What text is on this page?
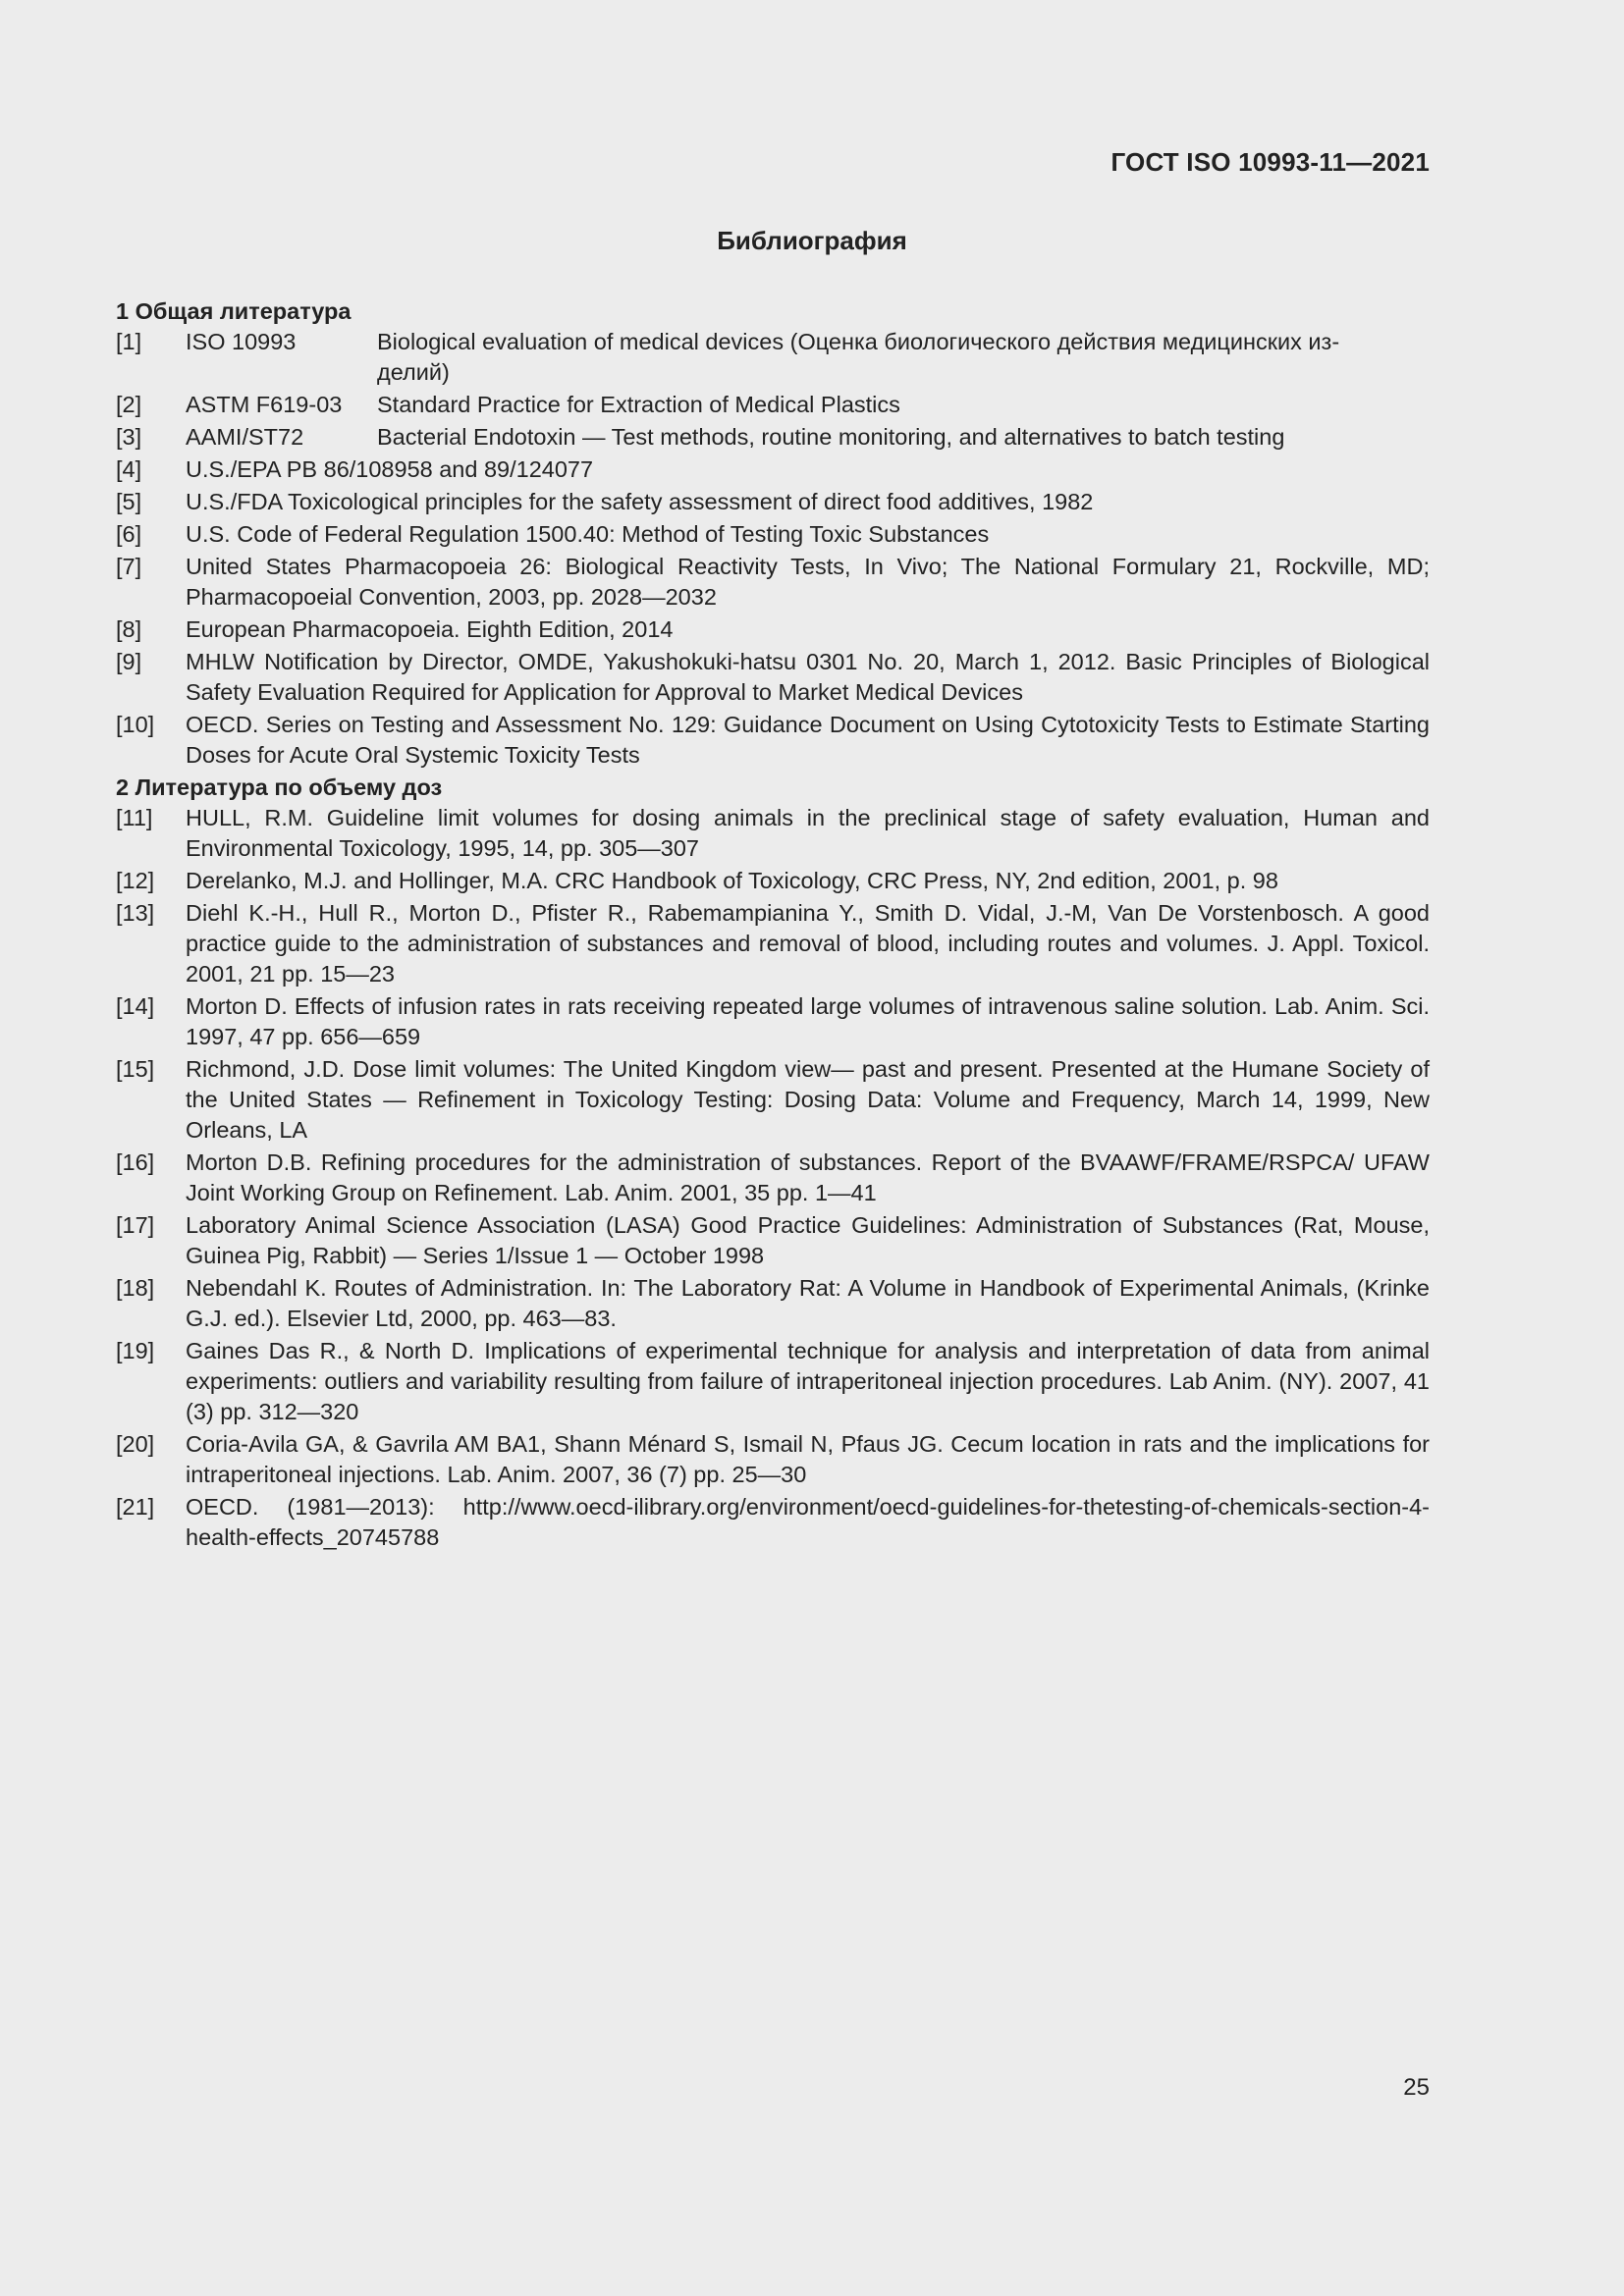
ГОСТ ISO 10993-11—2021
Библиография
1 Общая литература
[1] ISO 10993	Biological evaluation of medical devices (Оценка биологического действия медицинских из-
делий)
[2] ASTM F619-03 Standard Practice for Extraction of Medical Plastics
[3] AAMI/ST72	Bacterial Endotoxin — Test methods, routine monitoring, and alternatives to batch testing
[4] U.S./EPA PB 86/108958 and 89/124077
[5] U.S./FDA Toxicological principles for the safety assessment of direct food additives, 1982
[6] U.S. Code of Federal Regulation 1500.40: Method of Testing Toxic Substances
[7] United States Pharmacopoeia 26: Biological Reactivity Tests, In Vivo; The National Formulary 21, Rockville, MD; Pharmacopoeial Convention, 2003, pp. 2028—2032
[8] European Pharmacopoeia. Eighth Edition, 2014
[9] MHLW Notification by Director, OMDE, Yakushokuki-hatsu 0301 No. 20, March 1, 2012. Basic Principles of Biological Safety Evaluation Required for Application for Approval to Market Medical Devices
[10] OECD. Series on Testing and Assessment No. 129: Guidance Document on Using Cytotoxicity Tests to Estimate Starting Doses for Acute Oral Systemic Toxicity Tests
2 Литература по объему доз
[11] HULL, R.M. Guideline limit volumes for dosing animals in the preclinical stage of safety evaluation, Human and Environmental Toxicology, 1995, 14, pp. 305—307
[12] Derelanko, M.J. and Hollinger, M.A. CRC Handbook of Toxicology, CRC Press, NY, 2nd edition, 2001, p. 98
[13] Diehl K.-H., Hull R., Morton D., Pfister R., Rabemampianina Y., Smith D. Vidal, J.-M, Van De Vorstenbosch. A good practice guide to the administration of substances and removal of blood, including routes and volumes. J. Appl. Toxicol. 2001, 21 pp. 15—23
[14] Morton D. Effects of infusion rates in rats receiving repeated large volumes of intravenous saline solution. Lab. Anim. Sci. 1997, 47 pp. 656—659
[15] Richmond, J.D. Dose limit volumes: The United Kingdom view— past and present. Presented at the Humane Society of the United States — Refinement in Toxicology Testing: Dosing Data: Volume and Frequency, March 14, 1999, New Orleans, LA
[16] Morton D.B. Refining procedures for the administration of substances. Report of the BVAAWF/FRAME/RSPCA/ UFAW Joint Working Group on Refinement. Lab. Anim. 2001, 35 pp. 1—41
[17] Laboratory Animal Science Association (LASA) Good Practice Guidelines: Administration of Substances (Rat, Mouse, Guinea Pig, Rabbit) — Series 1/Issue 1 — October 1998
[18] Nebendahl K. Routes of Administration. In: The Laboratory Rat: A Volume in Handbook of Experimental Animals, (Krinke G.J. ed.). Elsevier Ltd, 2000, pp. 463—83.
[19] Gaines Das R., & North D. Implications of experimental technique for analysis and interpretation of data from animal experiments: outliers and variability resulting from failure of intraperitoneal injection procedures. Lab Anim. (NY). 2007, 41 (3) pp. 312—320
[20] Coria-Avila GA, & Gavrila AM BA1, Shann Ménard S, Ismail N, Pfaus JG. Cecum location in rats and the implications for intraperitoneal injections. Lab. Anim. 2007, 36 (7) pp. 25—30
[21] OECD. (1981—2013): http://www.oecd-ilibrary.org/environment/oecd-guidelines-for-thetesting-of-chemicals-section-4-health-effects_20745788
25
